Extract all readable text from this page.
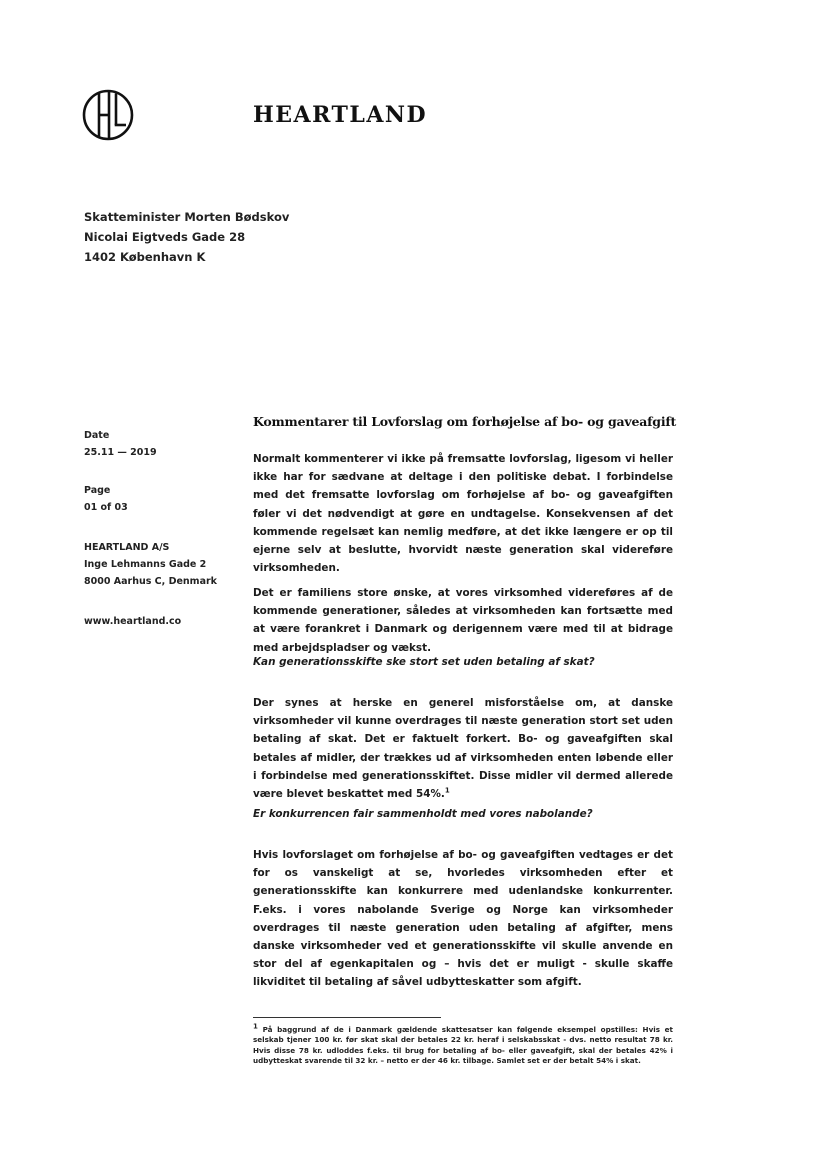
HEARTLAND
Skatteminister Morten Bødskov
Nicolai Eigtveds Gade 28
1402 København K
Date
25.11 — 2019
Page
01 of 03
HEARTLAND A/S
Inge Lehmanns Gade 2
8000 Aarhus C, Denmark
www.heartland.co
Kommentarer til Lovforslag om forhøjelse af bo- og gaveafgift
Normalt kommenterer vi ikke på fremsatte lovforslag, ligesom vi heller ikke har for sædvane at deltage i den politiske debat. I forbindelse med det fremsatte lovforslag om forhøjelse af bo- og gaveafgiften føler vi det nødvendigt at gøre en undtagelse. Konsekvensen af det kommende regelsæt kan nemlig medføre, at det ikke længere er op til ejerne selv at beslutte, hvorvidt næste generation skal videreføre virksomheden.
Det er familiens store ønske, at vores virksomhed videreføres af de kommende generationer, således at virksomheden kan fortsætte med at være forankret i Danmark og derigennem være med til at bidrage med arbejdspladser og vækst.
Kan generationsskifte ske stort set uden betaling af skat?
Der synes at herske en generel misforståelse om, at danske virksomheder vil kunne overdrages til næste generation stort set uden betaling af skat. Det er faktuelt forkert. Bo- og gaveafgiften skal betales af midler, der trækkes ud af virksomheden enten løbende eller i forbindelse med generationsskiftet. Disse midler vil dermed allerede være blevet beskattet med 54%.$^1$
Er konkurrencen fair sammenholdt med vores nabolande?
Hvis lovforslaget om forhøjelse af bo- og gaveafgiften vedtages er det for os vanskeligt at se, hvorledes virksomheden efter et generationsskifte kan konkurrere med udenlandske konkurrenter. F.eks. i vores nabolande Sverige og Norge kan virksomheder overdrages til næste generation uden betaling af afgifter, mens danske virksomheder ved et generationsskifte vil skulle anvende en stor del af egenkapitalen og – hvis det er muligt - skulle skaffe likviditet til betaling af såvel udbytteskatter som afgift.
$^1$ På baggrund af de i Danmark gældende skattesatser kan følgende eksempel opstilles: Hvis et selskab tjener 100 kr. før skat skal der betales 22 kr. heraf i selskabsskat - dvs. netto resultat 78 kr. Hvis disse 78 kr. udloddes f.eks. til brug for betaling af bo- eller gaveafgift, skal der betales 42% i udbytteskat svarende til 32 kr. – netto er der 46 kr. tilbage. Samlet set er der betalt 54% i skat.
